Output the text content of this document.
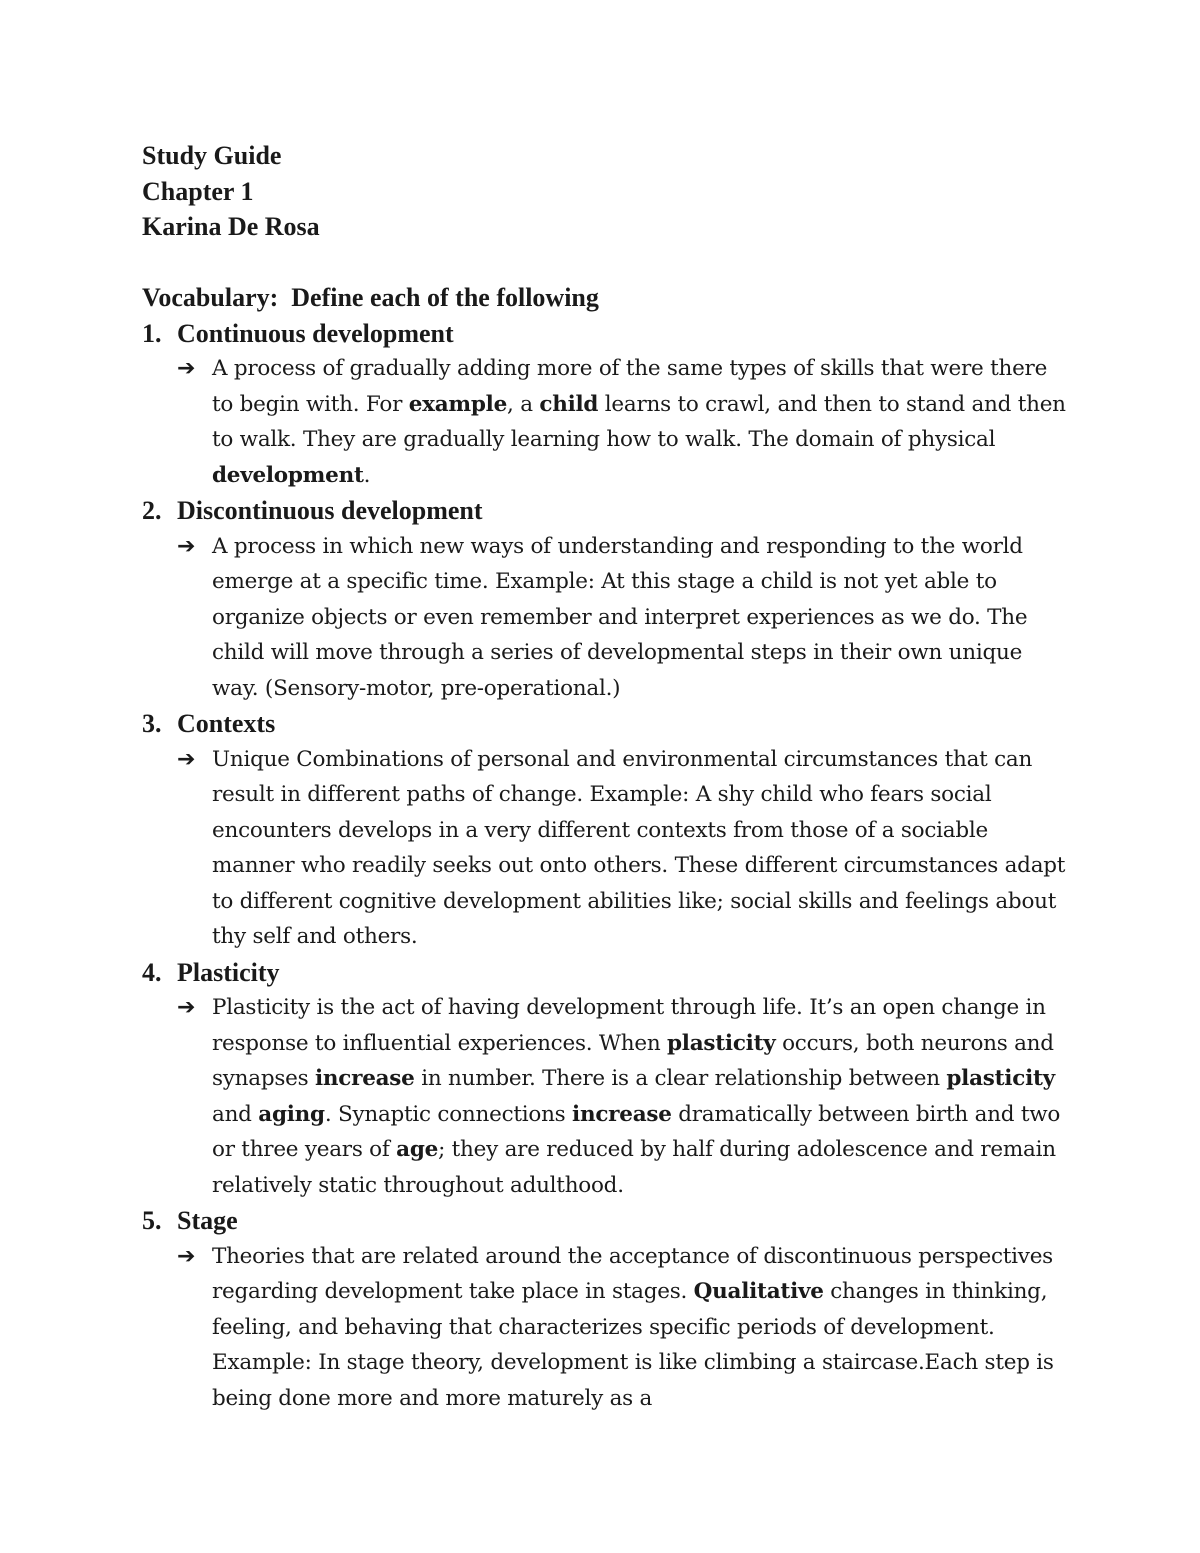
Study Guide

Chapter 1

Karina De Rosa

Vocabulary:  Define each of the following

1. Continuous development
➔ A process of gradually adding more of the same types of skills that were there to begin with. For example, a child learns to crawl, and then to stand and then to walk. They are gradually learning how to walk. The domain of physical development.
2. Discontinuous development
➔ A process in which new ways of understanding and responding to the world emerge at a specific time. Example: At this stage a child is not yet able to organize objects or even remember and interpret experiences as we do. The child will move through a series of developmental steps in their own unique way. (Sensory-motor, pre-operational.)
3. Contexts
➔ Unique Combinations of personal and environmental circumstances that can result in different paths of change. Example: A shy child who fears social encounters develops in a very different contexts from those of a sociable manner who readily seeks out onto others. These different circumstances adapt to different cognitive development abilities like; social skills and feelings about thy self and others.
4. Plasticity
➔ Plasticity is the act of having development through life. It’s an open change in response to influential experiences. When plasticity occurs, both neurons and synapses increase in number. There is a clear relationship between plasticity and aging. Synaptic connections increase dramatically between birth and two or three years of age; they are reduced by half during adolescence and remain relatively static throughout adulthood.
5. Stage
➔ Theories that are related around the acceptance of discontinuous perspectives regarding development take place in stages. Qualitative changes in thinking, feeling, and behaving that characterizes specific periods of development. Example: In stage theory, development is like climbing a staircase.Each step is being done more and more maturely as a
